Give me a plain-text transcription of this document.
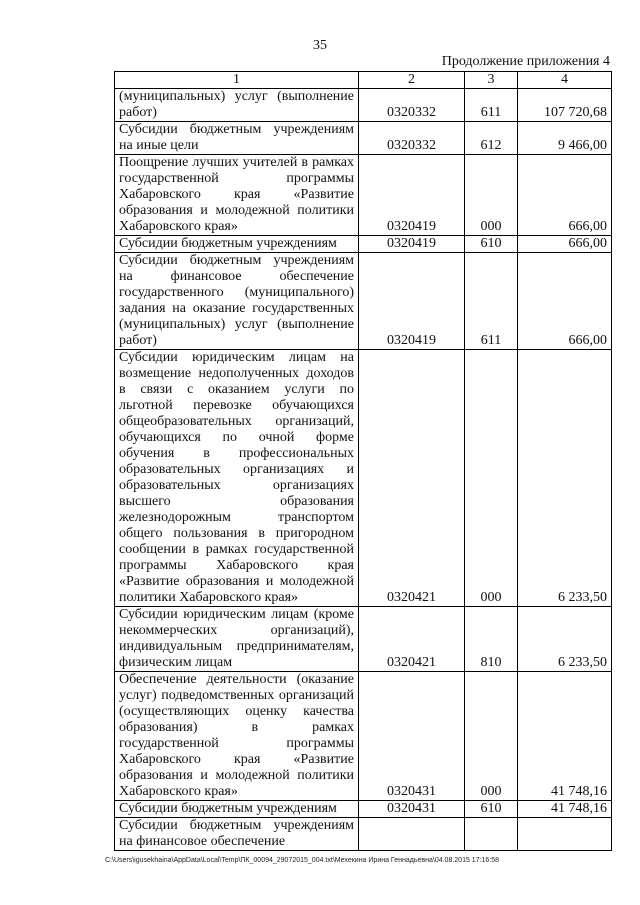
35
Продолжение приложения 4
1	2	3	4
(муниципальных) услуг (выполнение работ)	0320332	611	107 720,68
Субсидии бюджетным учреждениям на иные цели	0320332	612	9 466,00
Поощрение лучших учителей в рамках государственной программы Хабаровского края «Развитие образования и молодежной политики Хабаровского края»	0320419	000	666,00
Субсидии бюджетным учреждениям	0320419	610	666,00
Субсидии бюджетным учреждениям на финансовое обеспечение государственного (муниципального) задания на оказание государственных (муниципальных) услуг (выполнение работ)	0320419	611	666,00
Субсидии юридическим лицам на возмещение недополученных доходов в связи с оказанием услуги по льготной перевозке обучающихся общеобразовательных организаций, обучающихся по очной форме обучения в профессиональных образовательных организациях и образовательных организациях высшего образования железнодорожным транспортом общего пользования в пригородном сообщении в рамках государственной программы Хабаровского края «Развитие образования и молодежной политики Хабаровского края»	0320421	000	6 233,50
Субсидии юридическим лицам (кроме некоммерческих организаций), индивидуальным предпринимателям, физическим лицам	0320421	810	6 233,50
Обеспечение деятельности (оказание услуг) подведомственных организаций (осуществляющих оценку качества образования) в рамках государственной программы Хабаровского края «Развитие образования и молодежной политики Хабаровского края»	0320431	000	41 748,16
Субсидии бюджетным учреждениям	0320431	610	41 748,16
Субсидии бюджетным учреждениям на финансовое обеспечение			
C:\Users\igusekhaina\AppData\Local\Temp\ПК_00094_29072015_004.txt\Мехекина Ирина Геннадьевна\04.08.2015 17:16:58
